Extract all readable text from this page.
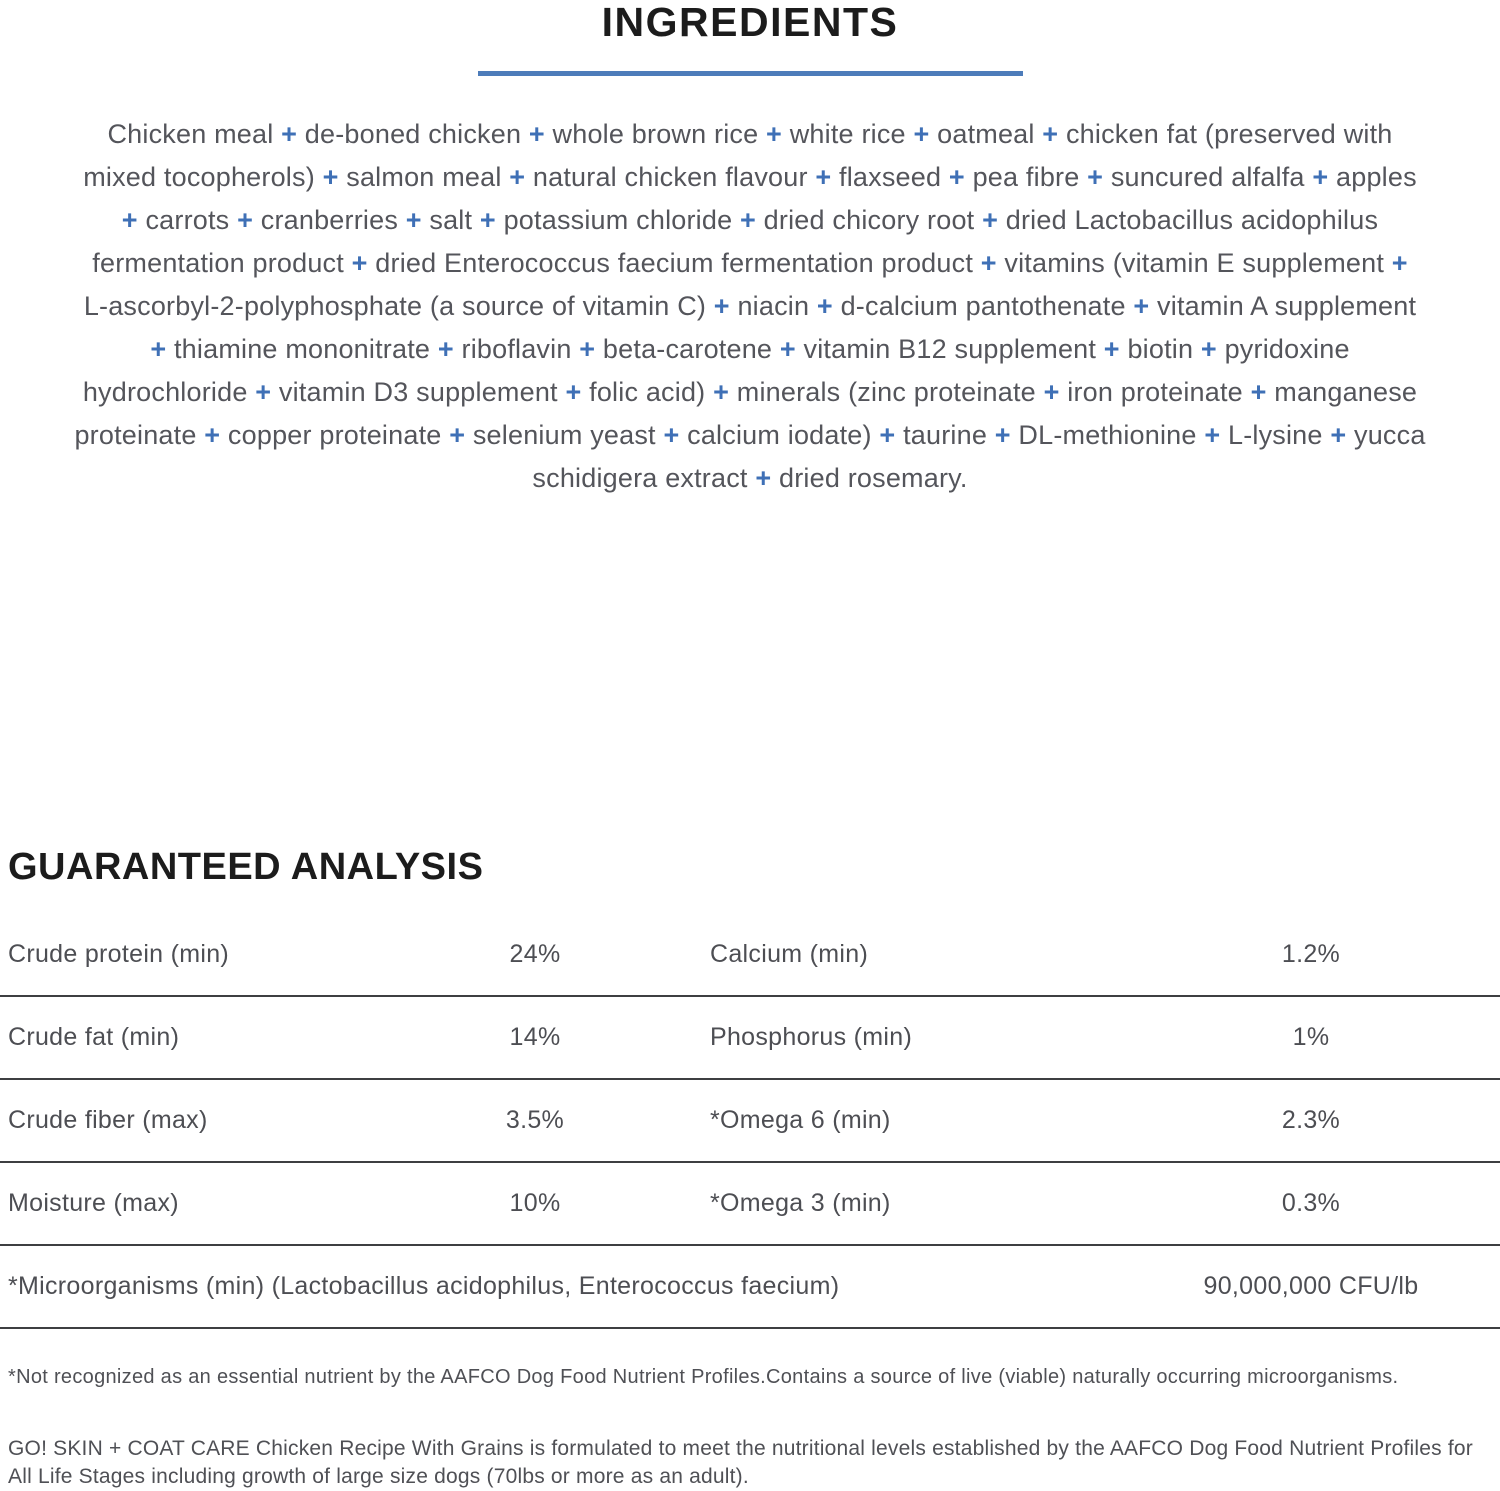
INGREDIENTS
Chicken meal + de-boned chicken + whole brown rice + white rice + oatmeal + chicken fat (preserved with
mixed tocopherols) + salmon meal + natural chicken flavour + flaxseed + pea fibre + suncured alfalfa + apples
+ carrots + cranberries + salt + potassium chloride + dried chicory root + dried Lactobacillus acidophilus
fermentation product + dried Enterococcus faecium fermentation product + vitamins (vitamin E supplement +
L-ascorbyl-2-polyphosphate (a source of vitamin C) + niacin + d-calcium pantothenate + vitamin A supplement
+ thiamine mononitrate + riboflavin + beta-carotene + vitamin B12 supplement + biotin + pyridoxine
hydrochloride + vitamin D3 supplement + folic acid) + minerals (zinc proteinate + iron proteinate + manganese
proteinate + copper proteinate + selenium yeast + calcium iodate) + taurine + DL-methionine + L-lysine + yucca
schidigera extract + dried rosemary.
GUARANTEED ANALYSIS
Crude protein (min)	24%	Calcium (min)	1.2%
Crude fat (min)	14%	Phosphorus (min)	1%
Crude fiber (max)	3.5%	*Omega 6 (min)	2.3%
Moisture (max)	10%	*Omega 3 (min)	0.3%
*Microorganisms (min) (Lactobacillus acidophilus, Enterococcus faecium)	90,000,000 CFU/lb

*Not recognized as an essential nutrient by the AAFCO Dog Food Nutrient Profiles.Contains a source of live (viable) naturally occurring microorganisms.

GO! SKIN + COAT CARE Chicken Recipe With Grains is formulated to meet the nutritional levels established by the AAFCO Dog Food Nutrient Profiles for All Life Stages including growth of large size dogs (70lbs or more as an adult).
